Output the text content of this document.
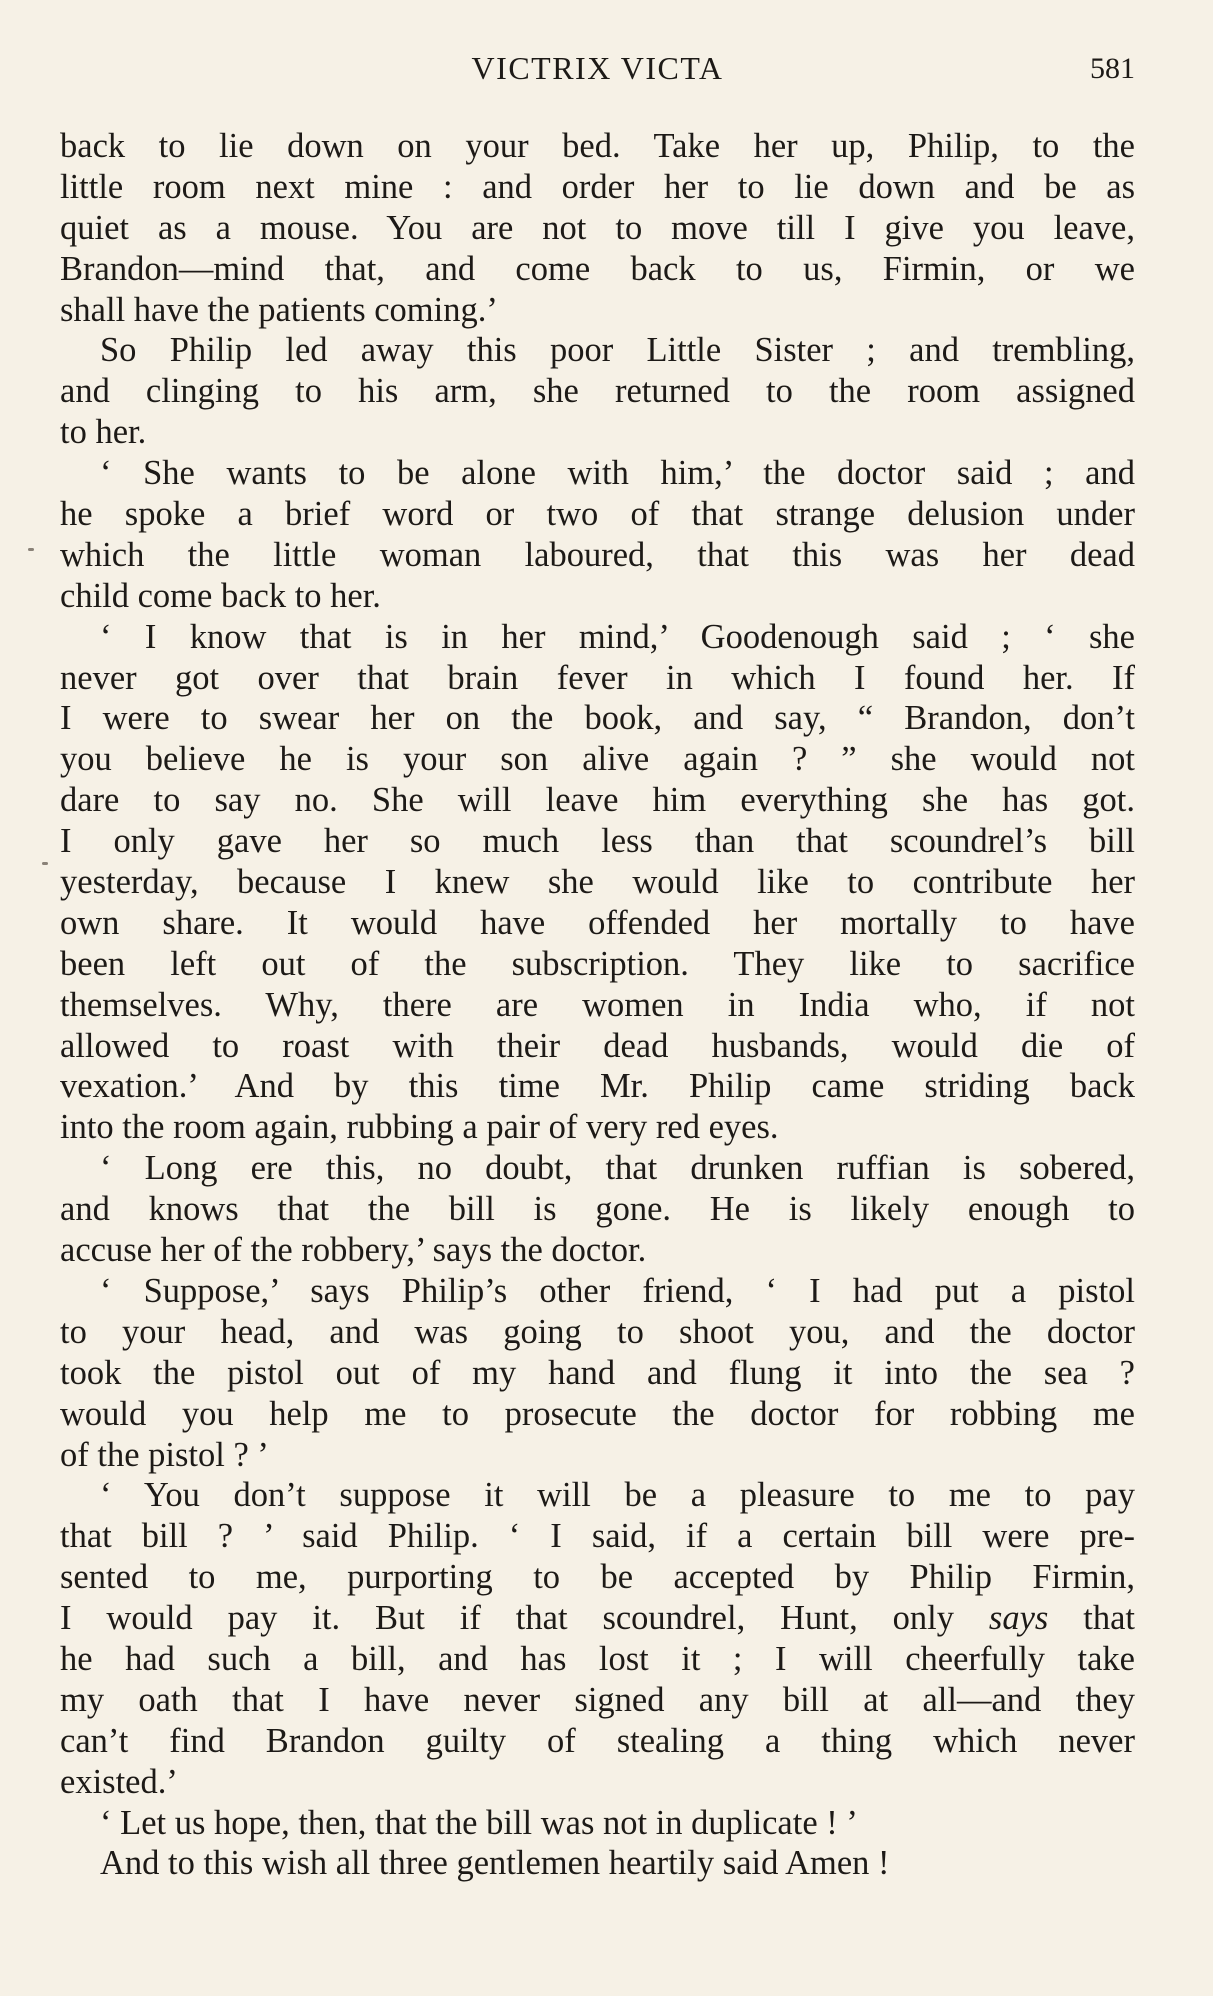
VICTRIX VICTA	581
back to lie down on your bed. Take her up, Philip, to the
little room next mine : and order her to lie down and be as
quiet as a mouse. You are not to move till I give you leave,
Brandon—mind that, and come back to us, Firmin, or we
shall have the patients coming.’
So Philip led away this poor Little Sister ; and trembling,
and clinging to his arm, she returned to the room assigned
to her.
‘ She wants to be alone with him,’ the doctor said ; and
he spoke a brief word or two of that strange delusion under
which the little woman laboured, that this was her dead
child come back to her.
‘ I know that is in her mind,’ Goodenough said ; ‘ she
never got over that brain fever in which I found her. If
I were to swear her on the book, and say, “ Brandon, don’t
you believe he is your son alive again ? ” she would not
dare to say no. She will leave him everything she has got.
I only gave her so much less than that scoundrel’s bill
yesterday, because I knew she would like to contribute her
own share. It would have offended her mortally to have
been left out of the subscription. They like to sacrifice
themselves. Why, there are women in India who, if not
allowed to roast with their dead husbands, would die of
vexation.’ And by this time Mr. Philip came striding back
into the room again, rubbing a pair of very red eyes.
‘ Long ere this, no doubt, that drunken ruffian is sobered,
and knows that the bill is gone. He is likely enough to
accuse her of the robbery,’ says the doctor.
‘ Suppose,’ says Philip’s other friend, ‘ I had put a pistol
to your head, and was going to shoot you, and the doctor
took the pistol out of my hand and flung it into the sea ?
would you help me to prosecute the doctor for robbing me
of the pistol ? ’
‘ You don’t suppose it will be a pleasure to me to pay
that bill ? ’ said Philip. ‘ I said, if a certain bill were pre-
sented to me, purporting to be accepted by Philip Firmin,
I would pay it. But if that scoundrel, Hunt, only says that
he had such a bill, and has lost it ; I will cheerfully take
my oath that I have never signed any bill at all—and they
can’t find Brandon guilty of stealing a thing which never
existed.’
‘ Let us hope, then, that the bill was not in duplicate ! ’
And to this wish all three gentlemen heartily said Amen !
